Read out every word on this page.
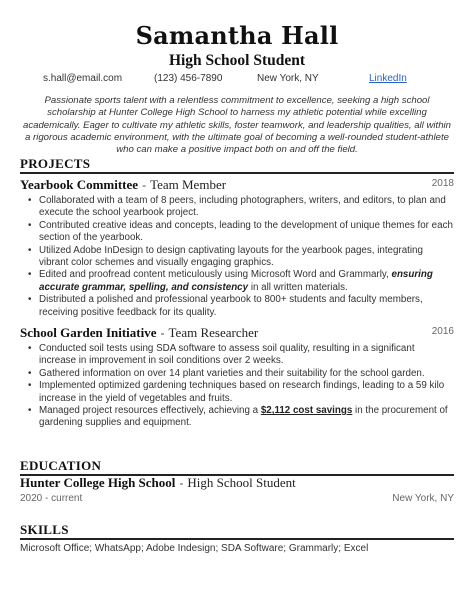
Samantha Hall
High School Student
s.hall@email.com	(123) 456-7890	New York, NY	LinkedIn
Passionate sports talent with a relentless commitment to excellence, seeking a high school scholarship at Hunter College High School to harness my athletic potential while excelling academically. Eager to cultivate my athletic skills, foster teamwork, and leadership qualities, all within a rigorous academic environment, with the ultimate goal of becoming a well-rounded student-athlete who can make a positive impact both on and off the field.
PROJECTS
Yearbook Committee - Team Member	2018
• Collaborated with a team of 8 peers, including photographers, writers, and editors, to plan and execute the school yearbook project.
• Contributed creative ideas and concepts, leading to the development of unique themes for each section of the yearbook.
• Utilized Adobe InDesign to design captivating layouts for the yearbook pages, integrating vibrant color schemes and visually engaging graphics.
• Edited and proofread content meticulously using Microsoft Word and Grammarly, ensuring accurate grammar, spelling, and consistency in all written materials.
• Distributed a polished and professional yearbook to 800+ students and faculty members, receiving positive feedback for its quality.
School Garden Initiative - Team Researcher	2016
• Conducted soil tests using SDA software to assess soil quality, resulting in a significant increase in improvement in soil conditions over 2 weeks.
• Gathered information on over 14 plant varieties and their suitability for the school garden.
• Implemented optimized gardening techniques based on research findings, leading to a 59 kilo increase in the yield of vegetables and fruits.
• Managed project resources effectively, achieving a $2,112 cost savings in the procurement of gardening supplies and equipment.
EDUCATION
Hunter College High School - High School Student
2020 - current	New York, NY
SKILLS
Microsoft Office; WhatsApp; Adobe Indesign; SDA Software; Grammarly; Excel
